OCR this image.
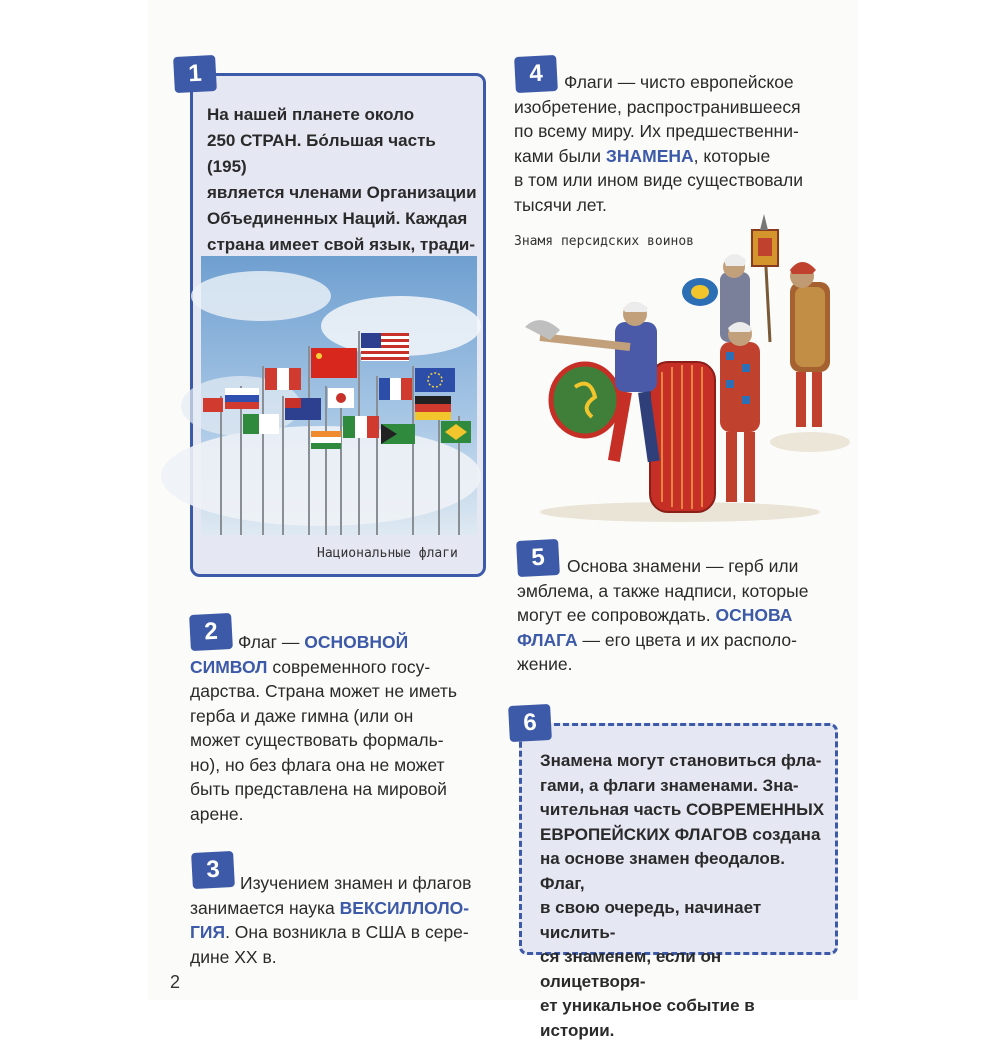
На нашей планете около
250 СТРАН. Бо́льшая часть (195)
является членами Организации
Объединенных Наций. Каждая
страна имеет свой язык, тради-
Национальные флаги
1
2	Флаг — ОСНОВНОЙ
СИМВОЛ современного госу-
дарства. Страна может не иметь
гербa и даже гимна (или он
может существовать формаль-
но), но без флага она не может
быть представлена на мировой
арене.
3	Изучением знамен и флагов
занимается наука ВЕКСИЛЛОЛО-
ГИЯ. Она возникла в США в сере-
дине XX в.
4	Флаги — чисто европейское
изобретение, распространившееся
по всему миру. Их предшественни-
ками были ЗНАМЕНА, которые
в том или ином виде существовали
тысячи лет.
Знамя персидских воинов
5	Основа знамени — герб или
эмблема, а также надписи, которые
могут ее сопровождать. ОСНОВА
ФЛАГА — его цвета и их располо-
жение.
Знамена могут становиться фла-
гами, а флаги знаменами. Зна-
чительная часть СОВРЕМЕННЫХ
ЕВРОПЕЙСКИХ ФЛАГОВ создана
на основе знамен феодалов. Флаг,
в свою очередь, начинает числить-
ся знаменем, если он олицетворя-
ет уникальное событие в истории.
6
2
